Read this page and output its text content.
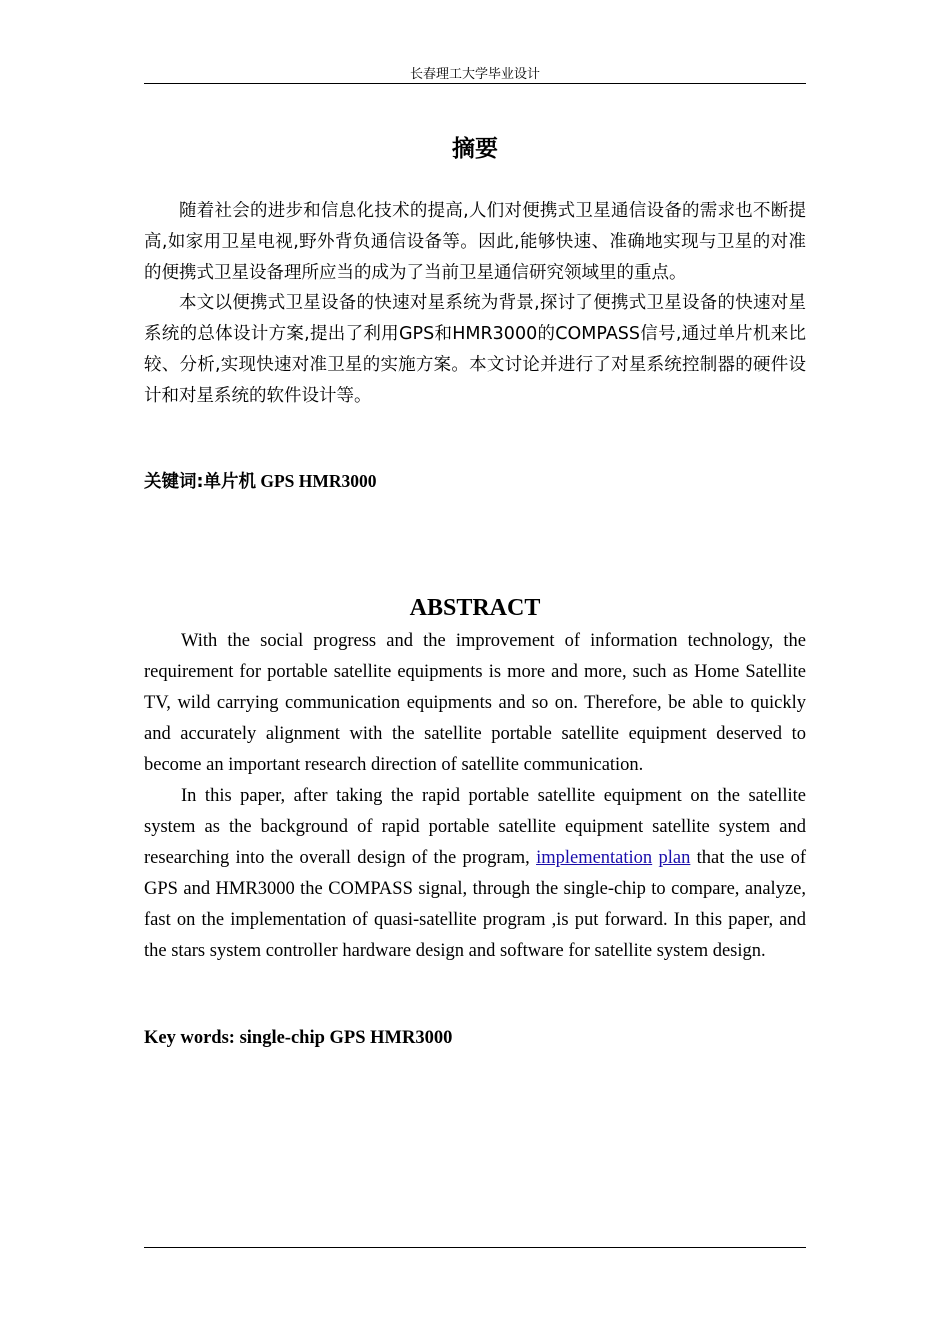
长春理工大学毕业设计
摘要

随着社会的进步和信息化技术的提高,人们对便携式卫星通信设备的需求也不断提高,如家用卫星电视,野外背负通信设备等。因此,能够快速、准确地实现与卫星的对准的便携式卫星设备理所应当的成为了当前卫星通信研究领域里的重点。

本文以便携式卫星设备的快速对星系统为背景,探讨了便携式卫星设备的快速对星系统的总体设计方案,提出了利用GPS和HMR3000的COMPASS信号,通过单片机来比较、分析,实现快速对准卫星的实施方案。本文讨论并进行了对星系统控制器的硬件设计和对星系统的软件设计等。

关键词:单片机 GPS HMR3000
ABSTRACT

With the social progress and the improvement of information technology, the requirement for portable satellite equipments is more and more, such as Home Satellite TV, wild carrying communication equipments and so on. Therefore, be able to quickly and accurately alignment with the satellite portable satellite equipment deserved to become an important research direction of satellite communication.

In this paper, after taking the rapid portable satellite equipment on the satellite system as the background of rapid portable satellite equipment satellite system and researching into the overall design of the program, implementation plan that the use of GPS and HMR3000 the COMPASS signal, through the single-chip to compare, analyze, fast on the implementation of quasi-satellite program ,is put forward. In this paper, and the stars system controller hardware design and software for satellite system design.

Key words: single-chip GPS HMR3000
